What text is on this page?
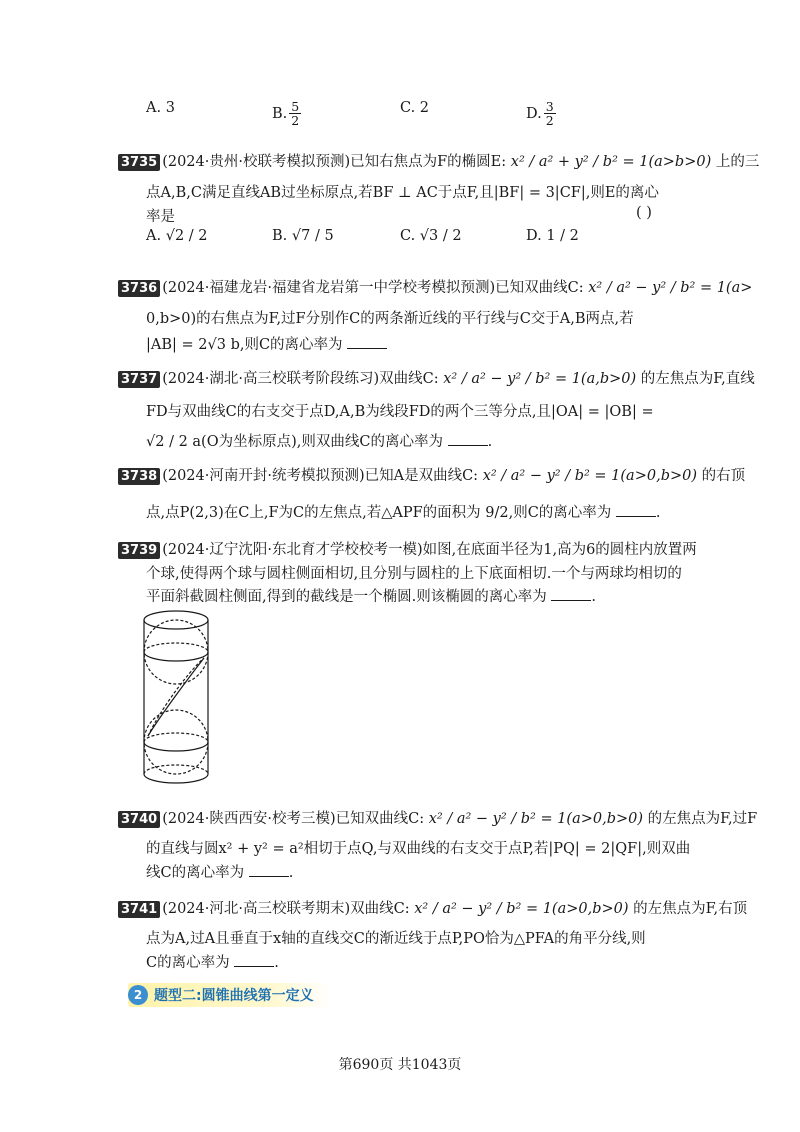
A. 3	B. $\frac{5}{2}$	C. 2	D. $\frac{3}{2}$
3735 (2024·贵州·校联考模拟预测)已知右焦点为F的椭圆E: x² / a² + y² / b² = 1(a>b>0) 上的三
点A,B,C满足直线AB过坐标原点,若BF ⊥ AC于点F,且|BF| = 3|CF|,则E的离心
率是	( )
A.
√2 / 2	B.
√7 / 5	C.
√3 / 2	D.
1 / 2
3736 (2024·福建龙岩·福建省龙岩第一中学校考模拟预测)已知双曲线C: x² / a² − y² / b² = 1(a>
0,b>0)的右焦点为F,过F分别作C的两条渐近线的平行线与C交于A,B两点,若
|AB| = 2√3 b,则C的离心率为
3737 (2024·湖北·高三校联考阶段练习)双曲线C: x² / a² − y² / b² = 1(a,b>0) 的左焦点为F,直线
FD与双曲线C的右支交于点D,A,B为线段FD的两个三等分点,且|OA| = |OB| =
√2 / 2 a(O为坐标原点),则双曲线C的离心率为	.
3738 (2024·河南开封·统考模拟预测)已知A是双曲线C: x² / a² − y² / b² = 1(a>0,b>0) 的右顶
点,点P(2,3)在C上,F为C的左焦点,若△APF的面积为 9/2,则C的离心率为	.
3739 (2024·辽宁沈阳·东北育才学校校考一模)如图,在底面半径为1,高为6的圆柱内放置两
个球,使得两个球与圆柱侧面相切,且分别与圆柱的上下底面相切.一个与两球均相切的
平面斜截圆柱侧面,得到的截线是一个椭圆.则该椭圆的离心率为	.
3740 (2024·陕西西安·校考三模)已知双曲线C: x² / a² − y² / b² = 1(a>0,b>0) 的左焦点为F,过F
的直线与圆x² + y² = a²相切于点Q,与双曲线的右支交于点P,若|PQ| = 2|QF|,则双曲
线C的离心率为	.
3741 (2024·河北·高三校联考期末)双曲线C: x² / a² − y² / b² = 1(a>0,b>0) 的左焦点为F,右顶
点为A,过A且垂直于x轴的直线交C的渐近线于点P,PO恰为△PFA的角平分线,则
C的离心率为	.
2 题型二:圆锥曲线第一定义
第690页 共1043页
